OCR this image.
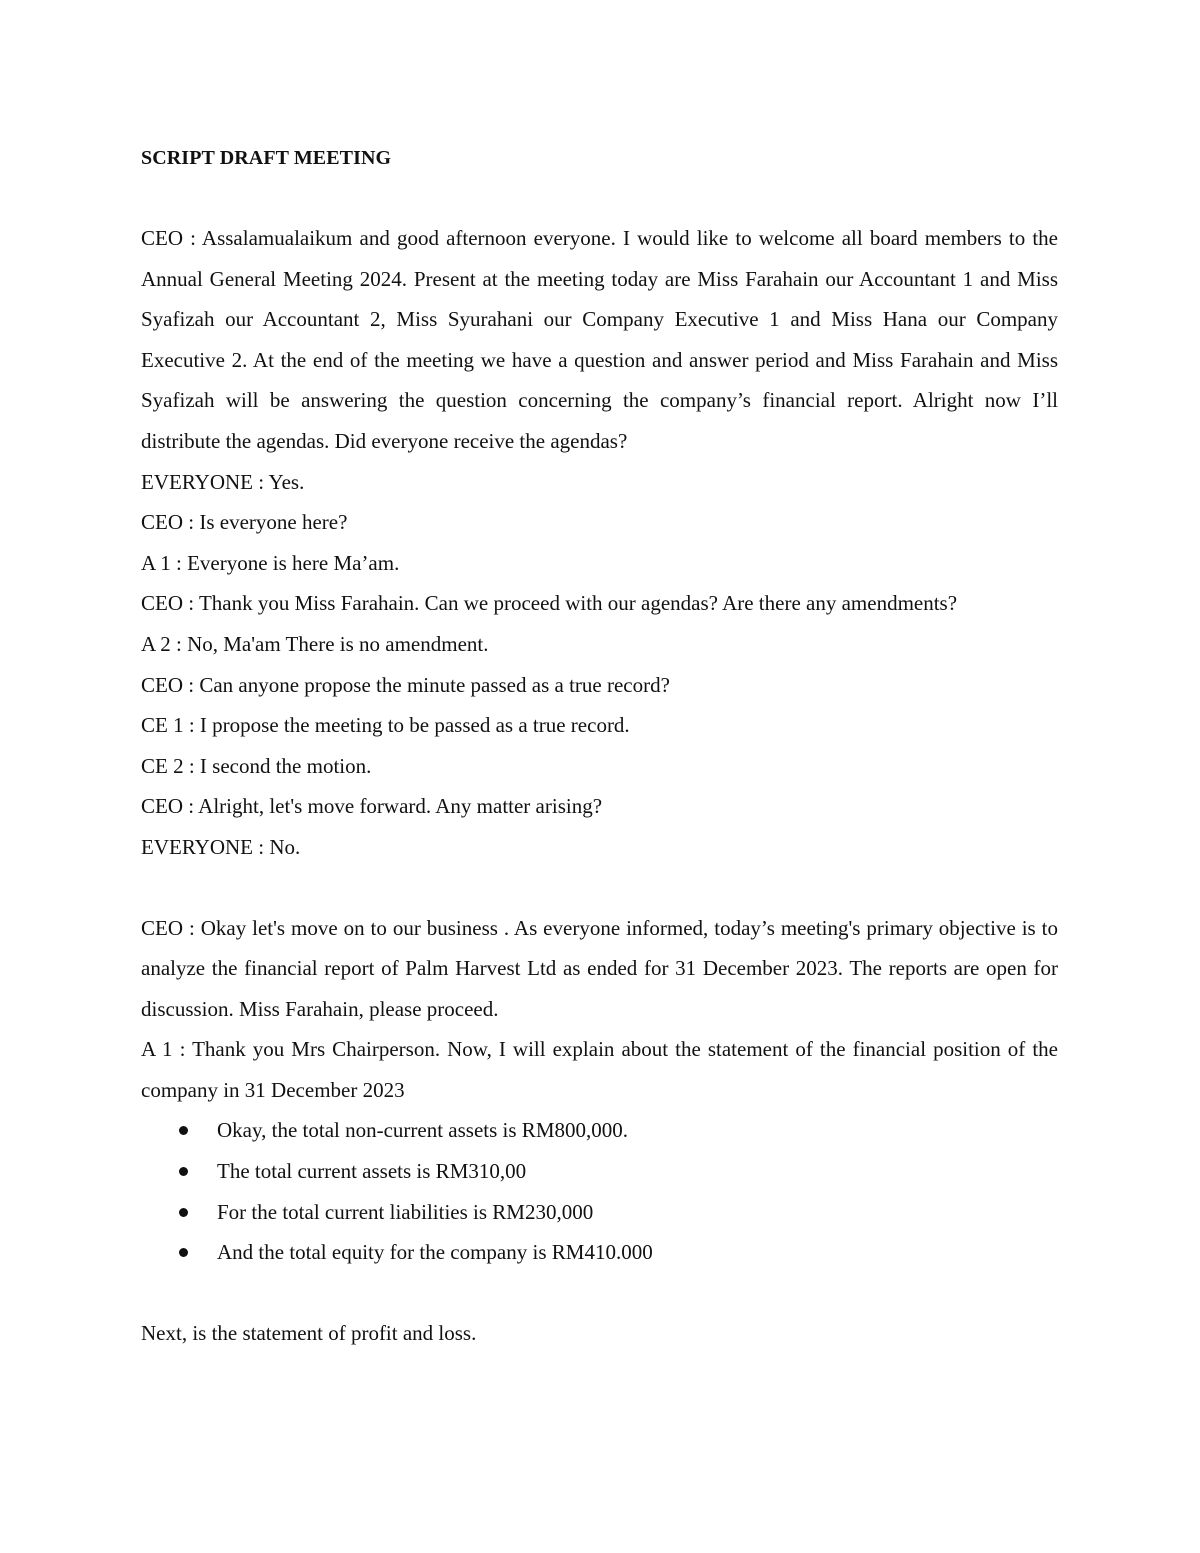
SCRIPT DRAFT MEETING

CEO : Assalamualaikum and good afternoon everyone. I would like to welcome all board members to the Annual General Meeting 2024. Present at the meeting today are Miss Farahain our Accountant 1 and Miss Syafizah our Accountant 2, Miss Syurahani our Company Executive 1 and Miss Hana our Company Executive 2. At the end of the meeting we have a question and answer period and Miss Farahain and Miss Syafizah will be answering the question concerning the company’s financial report. Alright now I’ll distribute the agendas. Did everyone receive the agendas?

EVERYONE : Yes.

CEO : Is everyone here?

A 1 : Everyone is here Ma’am.

CEO : Thank you Miss Farahain. Can we proceed with our agendas? Are there any amendments?

A 2 : No, Ma'am There is no amendment.

CEO : Can anyone propose the minute passed as a true record?

CE 1 : I propose the meeting to be passed as a true record.

CE 2 : I second the motion.

CEO : Alright, let's move forward. Any matter arising?

EVERYONE : No.

CEO : Okay let's move on to our business . As everyone informed, today’s meeting's primary objective is to analyze the financial report of Palm Harvest Ltd as ended for 31 December 2023. The reports are open for discussion. Miss Farahain, please proceed.

A 1 : Thank you Mrs Chairperson. Now, I will explain about the statement of the financial position of the company in 31 December 2023

Okay, the total non-current assets is RM800,000.
The total current assets is RM310,00
For the total current liabilities is RM230,000
And the total equity for the company is RM410.000

Next, is the statement of profit and loss.
